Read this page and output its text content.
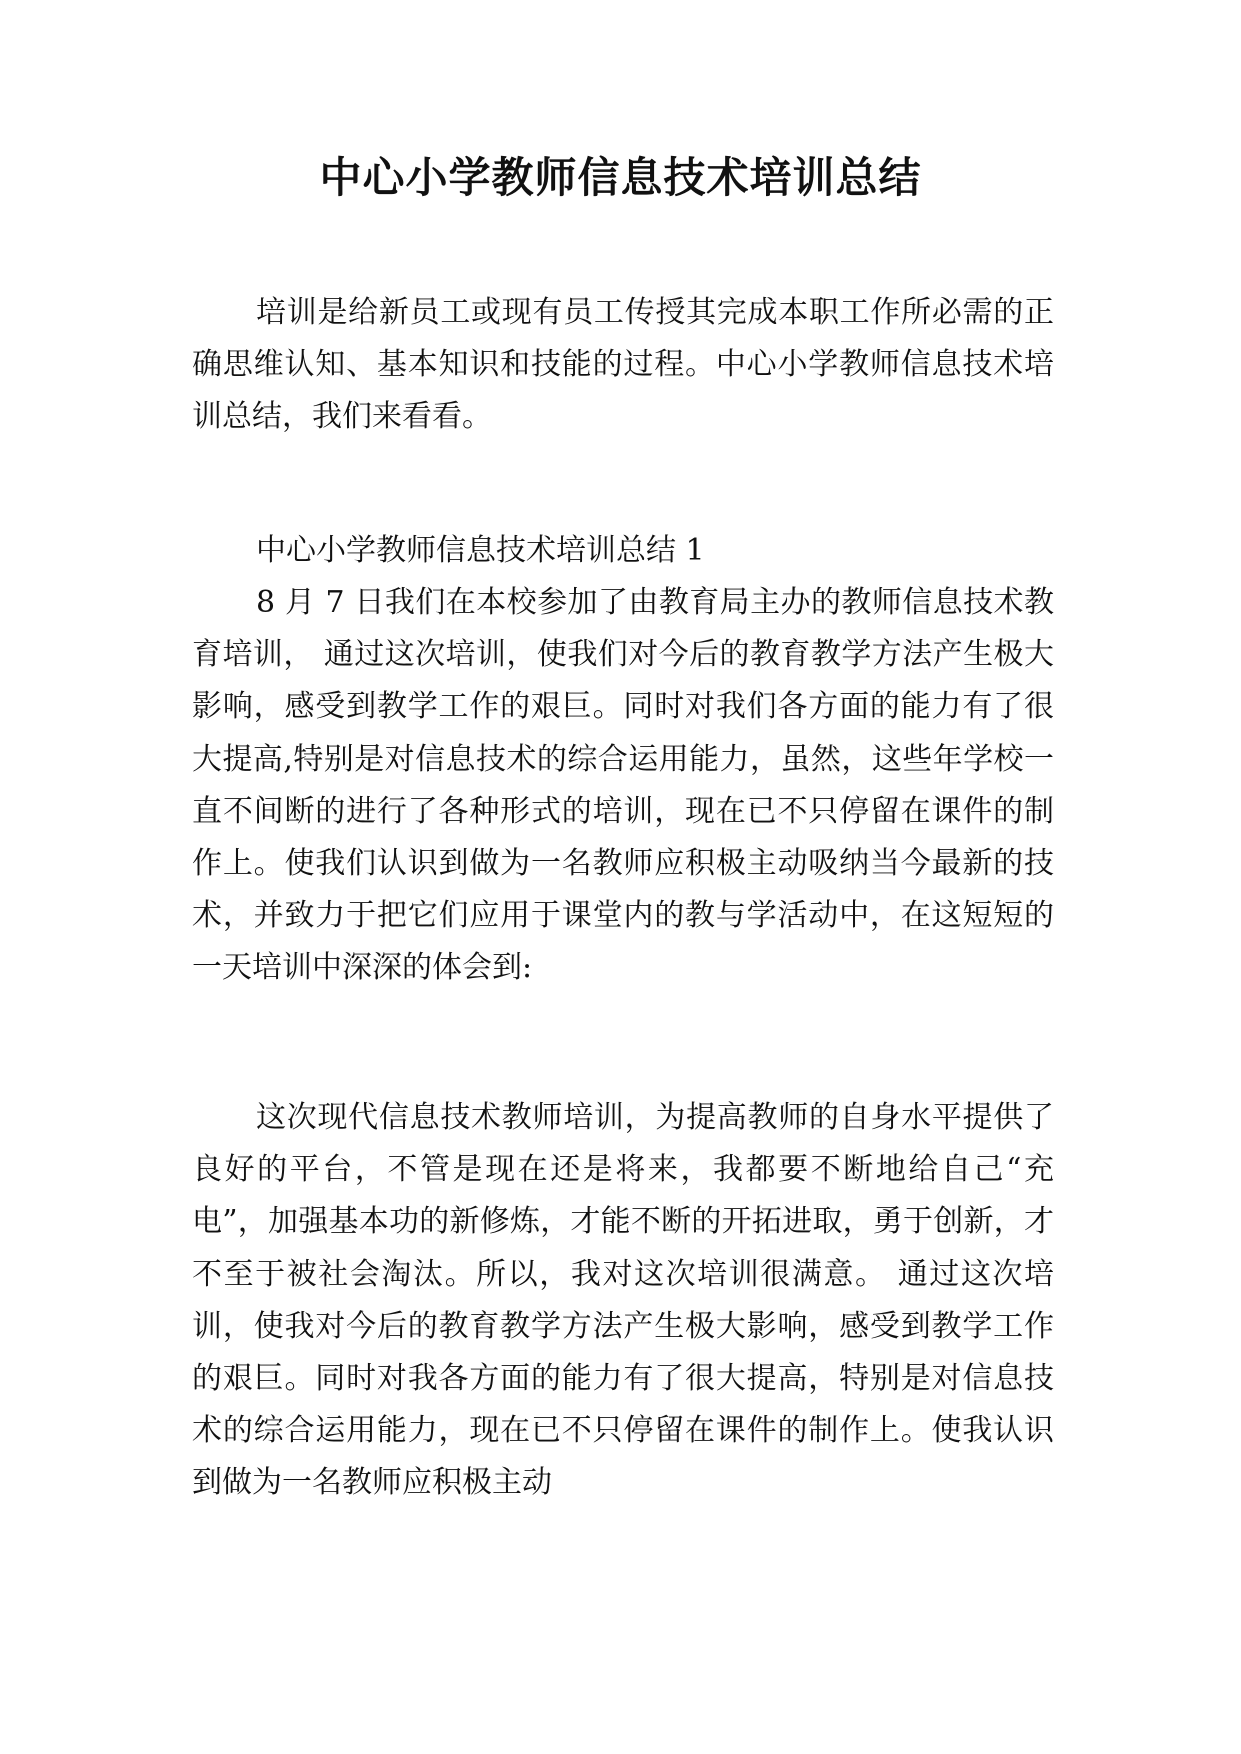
中心小学教师信息技术培训总结

培训是给新员工或现有员工传授其完成本职工作所必需的正确思维认知、基本知识和技能的过程。中心小学教师信息技术培训总结，我们来看看。

中心小学教师信息技术培训总结 1

8 月 7 日我们在本校参加了由教育局主办的教师信息技术教育培训， 通过这次培训，使我们对今后的教育教学方法产生极大影响，感受到教学工作的艰巨。同时对我们各方面的能力有了很大提高,特别是对信息技术的综合运用能力，虽然，这些年学校一直不间断的进行了各种形式的培训，现在已不只停留在课件的制作上。使我们认识到做为一名教师应积极主动吸纳当今最新的技术，并致力于把它们应用于课堂内的教与学活动中，在这短短的一天培训中深深的体会到:

这次现代信息技术教师培训，为提高教师的自身水平提供了良好的平台，不管是现在还是将来，我都要不断地给自己“充电”，加强基本功的新修炼，才能不断的开拓进取，勇于创新，才不至于被社会淘汰。所以，我对这次培训很满意。 通过这次培训，使我对今后的教育教学方法产生极大影响，感受到教学工作的艰巨。同时对我各方面的能力有了很大提高，特别是对信息技术的综合运用能力，现在已不只停留在课件的制作上。使我认识到做为一名教师应积极主动
